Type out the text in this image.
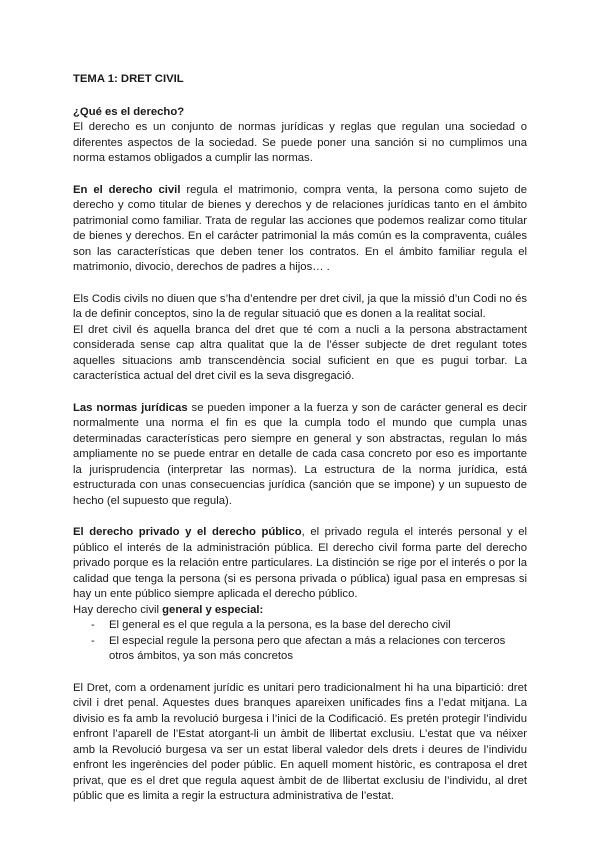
TEMA 1: DRET CIVIL
¿Qué es el derecho?

El derecho es un conjunto de normas jurídicas y reglas que regulan una sociedad o diferentes aspectos de la sociedad. Se puede poner una sanción si no cumplimos una norma estamos obligados a cumplir las normas.

En el derecho civil regula el matrimonio, compra venta, la persona como sujeto de derecho y como titular de bienes y derechos y de relaciones jurídicas tanto en el ámbito patrimonial como familiar. Trata de regular las acciones que podemos realizar como titular de bienes y derechos. En el carácter patrimonial la más común es la compraventa, cuáles son las características que deben tener los contratos. En el ámbito familiar regula el matrimonio, divocio, derechos de padres a hijos… .

Els Codis civils no diuen que s’ha d’entendre per dret civil, ja que la missió d’un Codi no és la de definir conceptos, sino la de regular situació que es donen a la realitat social.

El dret civil és aquella branca del dret que té com a nucli a la persona abstractament considerada sense cap altra qualitat que la de l’ésser subjecte de dret regulant totes aquelles situacions amb transcendència social suficient en que es pugui torbar. La característica actual del dret civil es la seva disgregació.

Las normas jurídicas se pueden imponer a la fuerza y son de carácter general es decir normalmente una norma el fin es que la cumpla todo el mundo que cumpla unas determinadas características pero siempre en general y son abstractas, regulan lo más ampliamente no se puede entrar en detalle de cada casa concreto por eso es importante la jurisprudencia (interpretar las normas). La estructura de la norma jurídica, está estructurada con unas consecuencias jurídica (sanción que se impone) y un supuesto de hecho (el supuesto que regula).

El derecho privado y el derecho público, el privado regula el interés personal y el público el interés de la administración pública. El derecho civil forma parte del derecho privado porque es la relación entre particulares. La distinción se rige por el interés o por la calidad que tenga la persona (si es persona privada o pública) igual pasa en empresas si hay un ente público siempre aplicada el derecho público.

Hay derecho civil general y especial:

- El general es el que regula a la persona, es la base del derecho civil
- El especial regule la persona pero que afectan a más a relaciones con terceros otros ámbitos, ya son más concretos

El Dret, com a ordenament jurídic es unitari pero tradicionalment hi ha una bipartició: dret civil i dret penal. Aquestes dues branques apareixen unificades fins a l’edat mitjana. La divisio es fa amb la revolució burgesa i l’inici de la Codificació. Es pretén protegir l’individu enfront l’aparell de l’Estat atorgant-li un àmbit de llibertat exclusiu. L’estat que va néixer amb la Revolució burgesa va ser un estat liberal valedor dels drets i deures de l’individu enfront les ingerències del poder públic. En aquell moment històric, es contraposa el dret privat, que es el dret que regula aquest àmbit de de llibertat exclusiu de l’individu, al dret públic que es limita a regir la estructura administrativa de l’estat.
